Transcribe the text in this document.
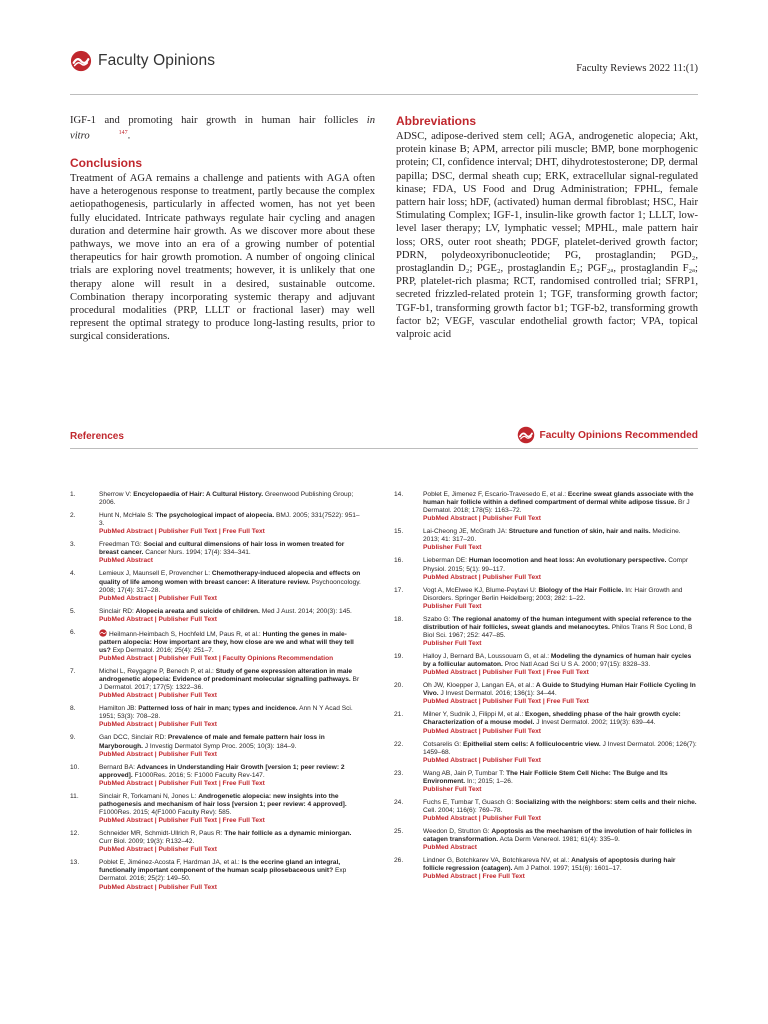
Faculty Opinions	Faculty Reviews 2022 11:(1)

IGF-1 and promoting hair growth in human hair follicles in vitro	$^{147}$.

Conclusions

Treatment of AGA remains a challenge and patients with AGA often have a heterogenous response to treatment, partly because the complex aetiopathogenesis, particularly in affected women, has not yet been fully elucidated. Intricate pathways regulate hair cycling and anagen duration and determine hair growth. As we discover more about these pathways, we move into an era of a growing number of potential therapeutics for hair growth promotion. A number of ongoing clinical trials are exploring novel treatments; however, it is unlikely that one therapy alone will result in a desired, sustainable outcome. Combination therapy incorporating systemic therapy and adjuvant procedural modalities (PRP, LLLT or fractional laser) may well represent the optimal strategy to produce long-lasting results, prior to surgical considerations.

Abbreviations

ADSC, adipose-derived stem cell; AGA, androgenetic alopecia; Akt, protein kinase B; APM, arrector pili muscle; BMP, bone morphogenic protein; CI, confidence interval; DHT, dihydrotestosterone; DP, dermal papilla; DSC, dermal sheath cup; ERK, extracellular signal-regulated kinase; FDA, US Food and Drug Administration; FPHL, female pattern hair loss; hDF, (activated) human dermal fibroblast; HSC, Hair Stimulating Complex; IGF-1, insulin-like growth factor 1; LLLT, low-level laser therapy; LV, lymphatic vessel; MPHL, male pattern hair loss; ORS, outer root sheath; PDGF, platelet-derived growth factor; PDRN, polydeoxyribonucleotide; PG, prostaglandin; PGD₂, prostaglandin D₂; PGE₂, prostaglandin E₂; PGF₂ₐ, prostaglandin F₂ₐ; PRP, platelet-rich plasma; RCT, randomised controlled trial; SFRP1, secreted frizzled-related protein 1; TGF, transforming growth factor; TGF-b1, transforming growth factor b1; TGF-b2, transforming growth factor b2; VEGF, vascular endothelial growth factor; VPA, topical valproic acid

References	Faculty Opinions Recommended
1.	Sherrow V: Encyclopaedia of Hair: A Cultural History. Greenwood Publishing Group; 2006.
2.	Hunt N, McHale S: The psychological impact of alopecia. BMJ. 2005; 331(7522): 951–3.
PubMed Abstract | Publisher Full Text | Free Full Text
3.	Freedman TG: Social and cultural dimensions of hair loss in women treated for breast cancer. Cancer Nurs. 1994; 17(4): 334–341.
PubMed Abstract
4.	Lemieux J, Maunsell E, Provencher L: Chemotherapy-induced alopecia and effects on quality of life among women with breast cancer: A literature review. Psychooncology. 2008; 17(4): 317–28.
PubMed Abstract | Publisher Full Text
5.	Sinclair RD: Alopecia areata and suicide of children. Med J Aust. 2014; 200(3): 145.
PubMed Abstract | Publisher Full Text
6.	Heilmann-Heimbach S, Hochfeld LM, Paus R, et al.: Hunting the genes in male-pattern alopecia: How important are they, how close are we and what will they tell us? Exp Dermatol. 2016; 25(4): 251–7.
PubMed Abstract | Publisher Full Text | Faculty Opinions Recommendation
7.	Michel L, Reygagne P, Benech P, et al.: Study of gene expression alteration in male androgenetic alopecia: Evidence of predominant molecular signalling pathways. Br J Dermatol. 2017; 177(5): 1322–36.
PubMed Abstract | Publisher Full Text
8.	Hamilton JB: Patterned loss of hair in man; types and incidence. Ann N Y Acad Sci. 1951; 53(3): 708–28.
PubMed Abstract | Publisher Full Text
9.	Gan DCC, Sinclair RD: Prevalence of male and female pattern hair loss in Maryborough. J Investig Dermatol Symp Proc. 2005; 10(3): 184–9.
PubMed Abstract | Publisher Full Text
10.	Bernard BA: Advances in Understanding Hair Growth [version 1; peer review: 2 approved]. F1000Res. 2016; 5: F1000 Faculty Rev-147.
PubMed Abstract | Publisher Full Text | Free Full Text
11.	Sinclair R, Torkamani N, Jones L: Androgenetic alopecia: new insights into the pathogenesis and mechanism of hair loss [version 1; peer review: 4 approved]. F1000Res. 2015; 4(F1000 Faculty Rev): 585.
PubMed Abstract | Publisher Full Text | Free Full Text
12.	Schneider MR, Schmidt-Ullrich R, Paus R: The hair follicle as a dynamic miniorgan. Curr Biol. 2009; 19(3): R132–42.
PubMed Abstract | Publisher Full Text
13.	Poblet E, Jiménez-Acosta F, Hardman JA, et al.: Is the eccrine gland an integral, functionally important component of the human scalp pilosebaceous unit? Exp Dermatol. 2016; 25(2): 149–50.
PubMed Abstract | Publisher Full Text
14.	Poblet E, Jimenez F, Escario-Travesedo E, et al.: Eccrine sweat glands associate with the human hair follicle within a defined compartment of dermal white adipose tissue. Br J Dermatol. 2018; 178(5): 1163–72.
PubMed Abstract | Publisher Full Text
15.	Lai-Cheong JE, McGrath JA: Structure and function of skin, hair and nails. Medicine. 2013; 41: 317–20.
Publisher Full Text
16.	Lieberman DE: Human locomotion and heat loss: An evolutionary perspective. Compr Physiol. 2015; 5(1): 99–117.
PubMed Abstract | Publisher Full Text
17.	Vogt A, McElwee KJ, Blume-Peytavi U: Biology of the Hair Follicle. In: Hair Growth and Disorders. Springer Berlin Heidelberg; 2003; 282: 1–22.
Publisher Full Text
18.	Szabo G: The regional anatomy of the human integument with special reference to the distribution of hair follicles, sweat glands and melanocytes. Philos Trans R Soc Lond, B Biol Sci. 1967; 252: 447–85.
Publisher Full Text
19.	Halloy J, Bernard BA, Loussouarn G, et al.: Modeling the dynamics of human hair cycles by a follicular automaton. Proc Natl Acad Sci U S A. 2000; 97(15): 8328–33.
PubMed Abstract | Publisher Full Text | Free Full Text
20.	Oh JW, Kloepper J, Langan EA, et al.: A Guide to Studying Human Hair Follicle Cycling In Vivo. J Invest Dermatol. 2016; 136(1): 34–44.
PubMed Abstract | Publisher Full Text | Free Full Text
21.	Milner Y, Sudnik J, Filippi M, et al.: Exogen, shedding phase of the hair growth cycle: Characterization of a mouse model. J Invest Dermatol. 2002; 119(3): 639–44.
PubMed Abstract | Publisher Full Text
22.	Cotsarelis G: Epithelial stem cells: A folliculocentric view. J Invest Dermatol. 2006; 126(7): 1459–68.
PubMed Abstract | Publisher Full Text
23.	Wang AB, Jain P, Tumbar T: The Hair Follicle Stem Cell Niche: The Bulge and Its Environment. In:; 2015; 1–26.
Publisher Full Text
24.	Fuchs E, Tumbar T, Guasch G: Socializing with the neighbors: stem cells and their niche. Cell. 2004; 116(6): 769–78.
PubMed Abstract | Publisher Full Text
25.	Weedon D, Strutton G: Apoptosis as the mechanism of the involution of hair follicles in catagen transformation. Acta Derm Venereol. 1981; 61(4): 335–9.
PubMed Abstract
26.	Lindner G, Botchkarev VA, Botchkareva NV, et al.: Analysis of apoptosis during hair follicle regression (catagen). Am J Pathol. 1997; 151(6): 1601–17.
PubMed Abstract | Free Full Text
